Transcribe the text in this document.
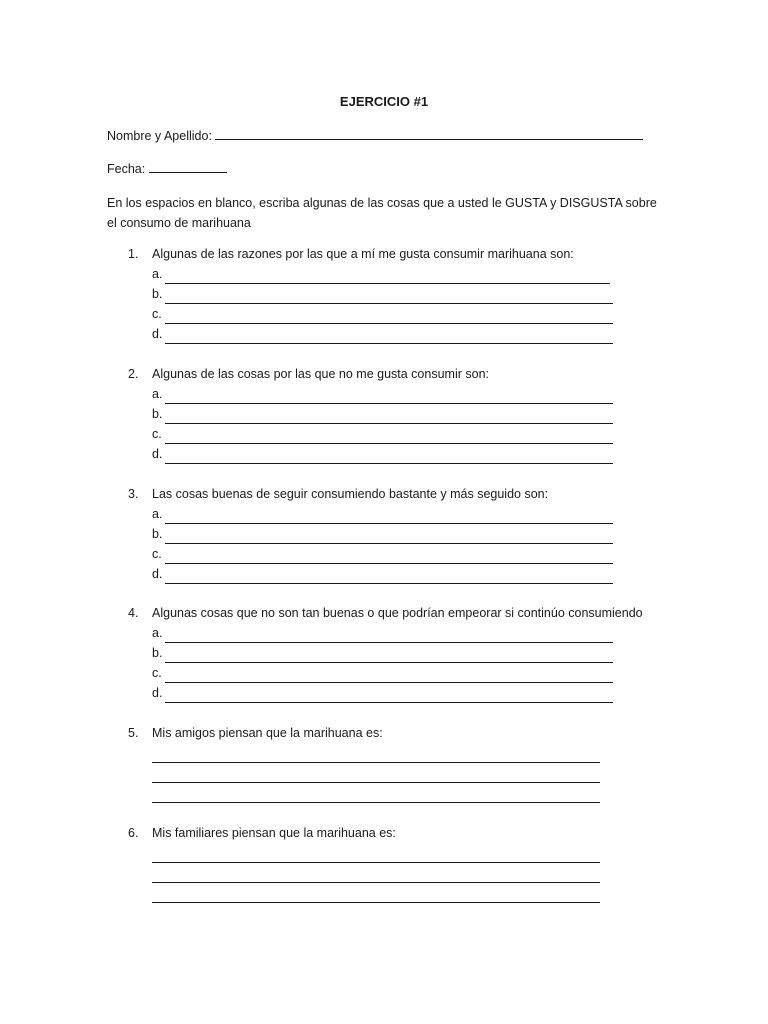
EJERCICIO #1
Nombre y Apellido:
Fecha:
En los espacios en blanco, escriba algunas de las cosas que a usted le GUSTA y DISGUSTA sobre el consumo de marihuana
1. Algunas de las razones por las que a mí me gusta consumir marihuana son:
a.
b.
c.
d.
2. Algunas de las cosas por las que no me gusta consumir son:
a.
b.
c.
d.
3. Las cosas buenas de seguir consumiendo bastante y más seguido son:
a.
b.
c.
d.
4. Algunas cosas que no son tan buenas o que podrían empeorar si continúo consumiendo
a.
b.
c.
d.
5. Mis amigos piensan que la marihuana es:
6. Mis familiares piensan que la marihuana es:
